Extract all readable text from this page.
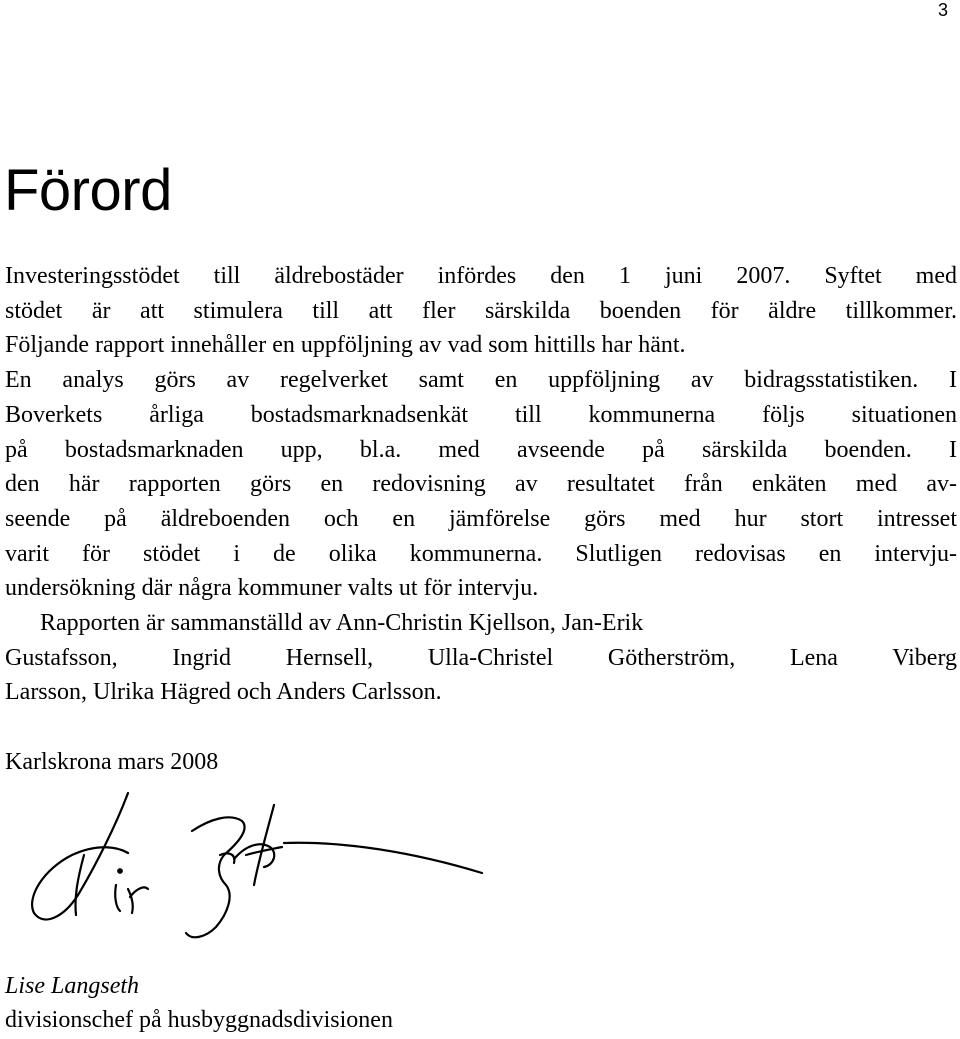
3
Förord
Investeringsstödet till äldrebostäder infördes den 1 juni 2007. Syftet med
stödet är att stimulera till att fler särskilda boenden för äldre tillkommer.
Följande rapport innehåller en uppföljning av vad som hittills har hänt.
En analys görs av regelverket samt en uppföljning av bidragsstatistiken. I
Boverkets årliga bostadsmarknadsenkät till kommunerna följs situationen
på bostadsmarknaden upp, bl.a. med avseende på särskilda boenden. I
den här rapporten görs en redovisning av resultatet från enkäten med av-
seende på äldreboenden och en jämförelse görs med hur stort intresset
varit för stödet i de olika kommunerna. Slutligen redovisas en intervju-
undersökning där några kommuner valts ut för intervju.
Rapporten är sammanställd av Ann-Christin Kjellson, Jan-Erik
Gustafsson, Ingrid Hernsell, Ulla-Christel Götherström, Lena Viberg
Larsson, Ulrika Hägred och Anders Carlsson.
Karlskrona mars 2008
Lise Langseth
divisionschef på husbyggnadsdivisionen
